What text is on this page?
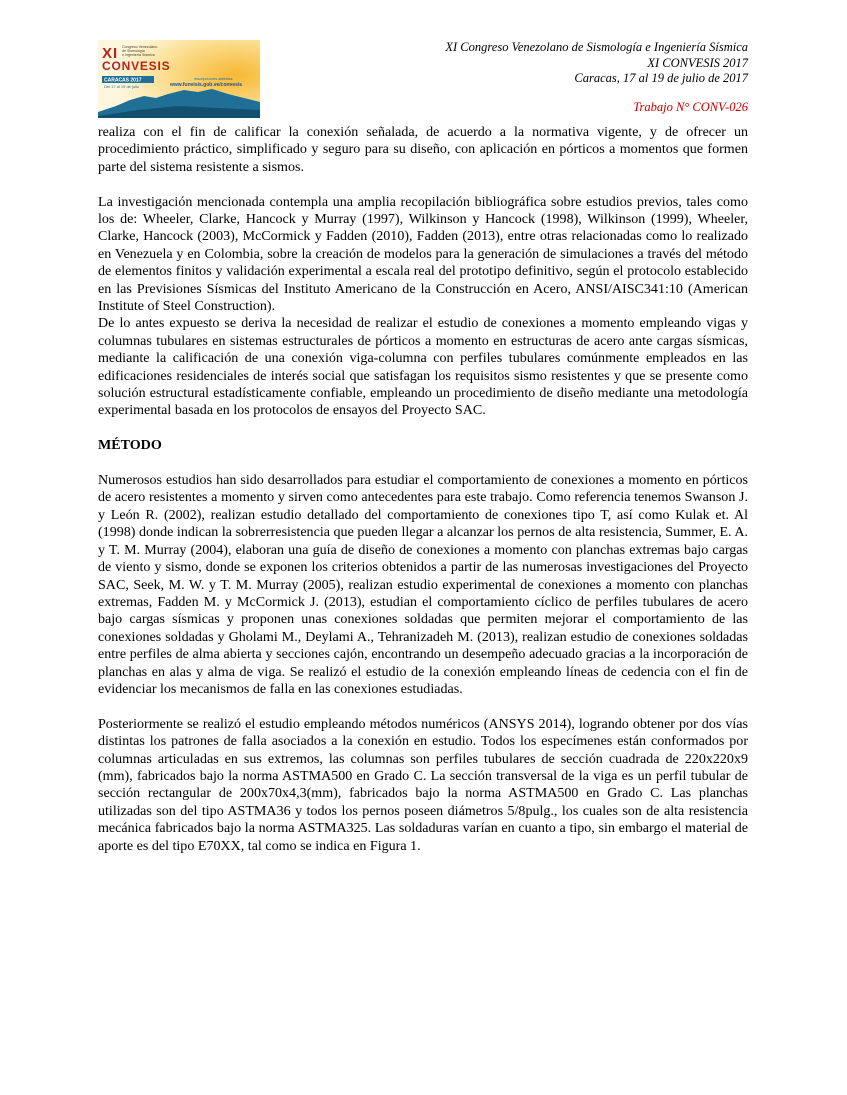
XI Congreso Venezolano
de Sismología
e Ingeniería Sísmica
CONVESIS
CARACAS 2017
Del 17 al 19 de julio
inscripciones abiertas
www.funvisis.gob.ve/convesis
XI Congreso Venezolano de Sismología e Ingeniería Sísmica
XI CONVESIS 2017
Caracas, 17 al 19 de julio de 2017
Trabajo N° CONV-026

realiza con el fin de calificar la conexión señalada, de acuerdo a la normativa vigente, y de ofrecer un procedimiento práctico, simplificado y seguro para su diseño, con aplicación en pórticos a momentos que formen parte del sistema resistente a sismos.

La investigación mencionada contempla una amplia recopilación bibliográfica sobre estudios previos, tales como los de: Wheeler, Clarke, Hancock y Murray (1997), Wilkinson y Hancock (1998), Wilkinson (1999), Wheeler, Clarke, Hancock (2003), McCormick y Fadden (2010), Fadden (2013), entre otras relacionadas como lo realizado en Venezuela y en Colombia, sobre la creación de modelos para la generación de simulaciones a través del método de elementos finitos y validación experimental a escala real del prototipo definitivo, según el protocolo establecido en las Previsiones Sísmicas del Instituto Americano de la Construcción en Acero, ANSI/AISC341:10 (American Institute of Steel Construction).

De lo antes expuesto se deriva la necesidad de realizar el estudio de conexiones a momento empleando vigas y columnas tubulares en sistemas estructurales de pórticos a momento en estructuras de acero ante cargas sísmicas, mediante la calificación de una conexión viga-columna con perfiles tubulares comúnmente empleados en las edificaciones residenciales de interés social que satisfagan los requisitos sismo resistentes y que se presente como solución estructural estadísticamente confiable, empleando un procedimiento de diseño mediante una metodología experimental basada en los protocolos de ensayos del Proyecto SAC.

MÉTODO

Numerosos estudios han sido desarrollados para estudiar el comportamiento de conexiones a momento en pórticos de acero resistentes a momento y sirven como antecedentes para este trabajo. Como referencia tenemos Swanson J. y León R. (2002), realizan estudio detallado del comportamiento de conexiones tipo T, así como Kulak et. Al (1998) donde indican la sobrerresistencia que pueden llegar a alcanzar los pernos de alta resistencia, Summer, E. A. y T. M. Murray (2004), elaboran una guía de diseño de conexiones a momento con planchas extremas bajo cargas de viento y sismo, donde se exponen los criterios obtenidos a partir de las numerosas investigaciones del Proyecto SAC, Seek, M. W. y T. M. Murray (2005), realizan estudio experimental de conexiones a momento con planchas extremas, Fadden M. y McCormick J. (2013), estudian el comportamiento cíclico de perfiles tubulares de acero bajo cargas sísmicas y proponen unas conexiones soldadas que permiten mejorar el comportamiento de las conexiones soldadas y Gholami M., Deylami A., Tehranizadeh M. (2013), realizan estudio de conexiones soldadas entre perfiles de alma abierta y secciones cajón, encontrando un desempeño adecuado gracias a la incorporación de planchas en alas y alma de viga. Se realizó el estudio de la conexión empleando líneas de cedencia con el fin de evidenciar los mecanismos de falla en las conexiones estudiadas.

Posteriormente se realizó el estudio empleando métodos numéricos (ANSYS 2014), logrando obtener por dos vías distintas los patrones de falla asociados a la conexión en estudio. Todos los especímenes están conformados por columnas articuladas en sus extremos, las columnas son perfiles tubulares de sección cuadrada de 220x220x9 (mm), fabricados bajo la norma ASTMA500 en Grado C. La sección transversal de la viga es un perfil tubular de sección rectangular de 200x70x4,3(mm), fabricados bajo la norma ASTMA500 en Grado C. Las planchas utilizadas son del tipo ASTMA36 y todos los pernos poseen diámetros 5/8pulg., los cuales son de alta resistencia mecánica fabricados bajo la norma ASTMA325. Las soldaduras varían en cuanto a tipo, sin embargo el material de aporte es del tipo E70XX, tal como se indica en Figura 1.
